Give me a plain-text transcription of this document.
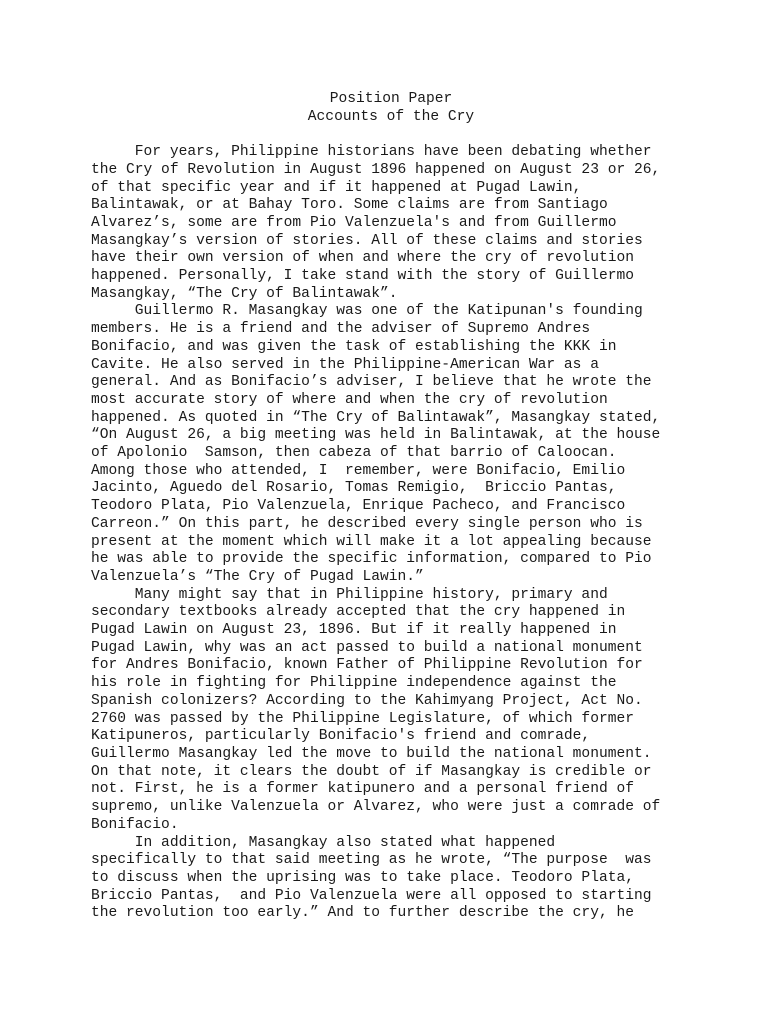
Position Paper

Accounts of the Cry

For years, Philippine historians have been debating whether
the Cry of Revolution in August 1896 happened on August 23 or 26,
of that specific year and if it happened at Pugad Lawin,
Balintawak, or at Bahay Toro. Some claims are from Santiago
Alvarez’s, some are from Pio Valenzuela's and from Guillermo
Masangkay’s version of stories. All of these claims and stories
have their own version of when and where the cry of revolution
happened. Personally, I take stand with the story of Guillermo
Masangkay, “The Cry of Balintawak”.

Guillermo R. Masangkay was one of the Katipunan's founding
members. He is a friend and the adviser of Supremo Andres
Bonifacio, and was given the task of establishing the KKK in
Cavite. He also served in the Philippine-American War as a
general. And as Bonifacio’s adviser, I believe that he wrote the
most accurate story of where and when the cry of revolution
happened. As quoted in “The Cry of Balintawak”, Masangkay stated,
“On August 26, a big meeting was held in Balintawak, at the house
of Apolonio  Samson, then cabeza of that barrio of Caloocan.
Among those who attended, I  remember, were Bonifacio, Emilio
Jacinto, Aguedo del Rosario, Tomas Remigio,  Briccio Pantas,
Teodoro Plata, Pio Valenzuela, Enrique Pacheco, and Francisco
Carreon.” On this part, he described every single person who is
present at the moment which will make it a lot appealing because
he was able to provide the specific information, compared to Pio
Valenzuela’s “The Cry of Pugad Lawin.”

Many might say that in Philippine history, primary and
secondary textbooks already accepted that the cry happened in
Pugad Lawin on August 23, 1896. But if it really happened in
Pugad Lawin, why was an act passed to build a national monument
for Andres Bonifacio, known Father of Philippine Revolution for
his role in fighting for Philippine independence against the
Spanish colonizers? According to the Kahimyang Project, Act No.
2760 was passed by the Philippine Legislature, of which former
Katipuneros, particularly Bonifacio's friend and comrade,
Guillermo Masangkay led the move to build the national monument.
On that note, it clears the doubt of if Masangkay is credible or
not. First, he is a former katipunero and a personal friend of
supremo, unlike Valenzuela or Alvarez, who were just a comrade of
Bonifacio.

In addition, Masangkay also stated what happened
specifically to that said meeting as he wrote, “The purpose  was
to discuss when the uprising was to take place. Teodoro Plata,
Briccio Pantas,  and Pio Valenzuela were all opposed to starting
the revolution too early.” And to further describe the cry, he
